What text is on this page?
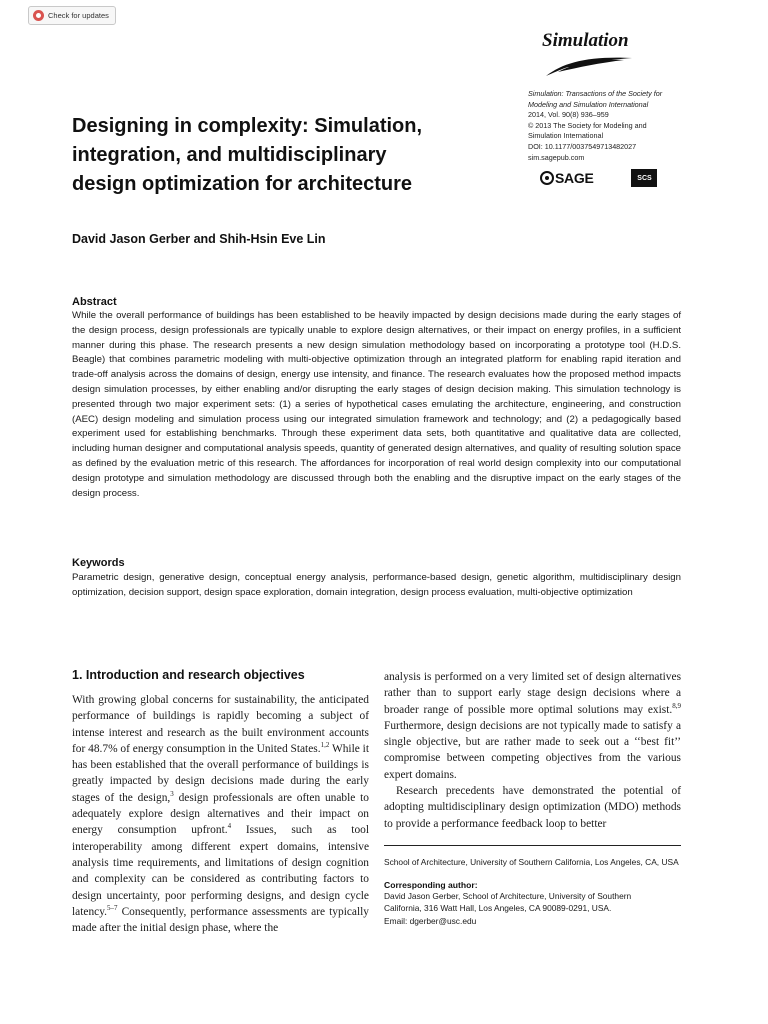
Check for updates
Simulation
Simulation: Transactions of the Society for
Modeling and Simulation International
2014, Vol. 90(8) 936–959
© 2013 The Society for Modeling and
Simulation International
DOI: 10.1177/0037549713482027
sim.sagepub.com
SAGE	SCS
Designing in complexity: Simulation,
integration, and multidisciplinary
design optimization for architecture

David Jason Gerber and Shih-Hsin Eve Lin

Abstract

While the overall performance of buildings has been established to be heavily impacted by design decisions made during the early stages of the design process, design professionals are typically unable to explore design alternatives, or their impact on energy profiles, in a sufficient manner during this phase. The research presents a new design simulation methodology based on incorporating a prototype tool (H.D.S. Beagle) that combines parametric modeling with multi-objective optimization through an integrated platform for enabling rapid iteration and trade-off analysis across the domains of design, energy use intensity, and finance. The research evaluates how the proposed method impacts design simulation processes, by either enabling and/or disrupting the early stages of design decision making. This simulation technology is presented through two major experiment sets: (1) a series of hypothetical cases emulating the architecture, engineering, and construction (AEC) design modeling and simulation process using our integrated simulation framework and technology; and (2) a pedagogically based experiment used for establishing benchmarks. Through these experiment data sets, both quantitative and qualitative data are collected, including human designer and computational analysis speeds, quantity of generated design alternatives, and quality of resulting solution space as defined by the evaluation metric of this research. The affordances for incorporation of real world design complexity into our computational design prototype and simulation methodology are discussed through both the enabling and the disruptive impact on the early stages of the design process.

Keywords

Parametric design, generative design, conceptual energy analysis, performance-based design, genetic algorithm, multidisciplinary design optimization, decision support, design space exploration, domain integration, design process evaluation, multi-objective optimization

1. Introduction and research objectives

With growing global concerns for sustainability, the anticipated performance of buildings is rapidly becoming a subject of intense interest and research as the built environment accounts for 48.7% of energy consumption in the United States.$^{1,2}$ While it has been established that the overall performance of buildings is greatly impacted by design decisions made during the early stages of the design,$^3$ design professionals are often unable to adequately explore design alternatives and their impact on energy consumption upfront.$^4$ Issues, such as tool interoperability among different expert domains, intensive analysis time requirements, and limitations of design cognition and complexity can be considered as contributing factors to design uncertainty, poor performing designs, and design cycle latency.$^{5-7}$ Consequently, performance assessments are typically made after the initial design phase, where the

analysis is performed on a very limited set of design alternatives rather than to support early stage design decisions where a broader range of possible more optimal solutions may exist.$^{8,9}$ Furthermore, design decisions are not typically made to satisfy a single objective, but are rather made to seek out a ‘‘best fit’’ compromise between competing objectives from the various expert domains.

Research precedents have demonstrated the potential of adopting multidisciplinary design optimization (MDO) methods to provide a performance feedback loop to better

School of Architecture, University of Southern California, Los Angeles, CA, USA

Corresponding author:

David Jason Gerber, School of Architecture, University of Southern
California, 316 Watt Hall, Los Angeles, CA 90089-0291, USA.
Email: dgerber@usc.edu
